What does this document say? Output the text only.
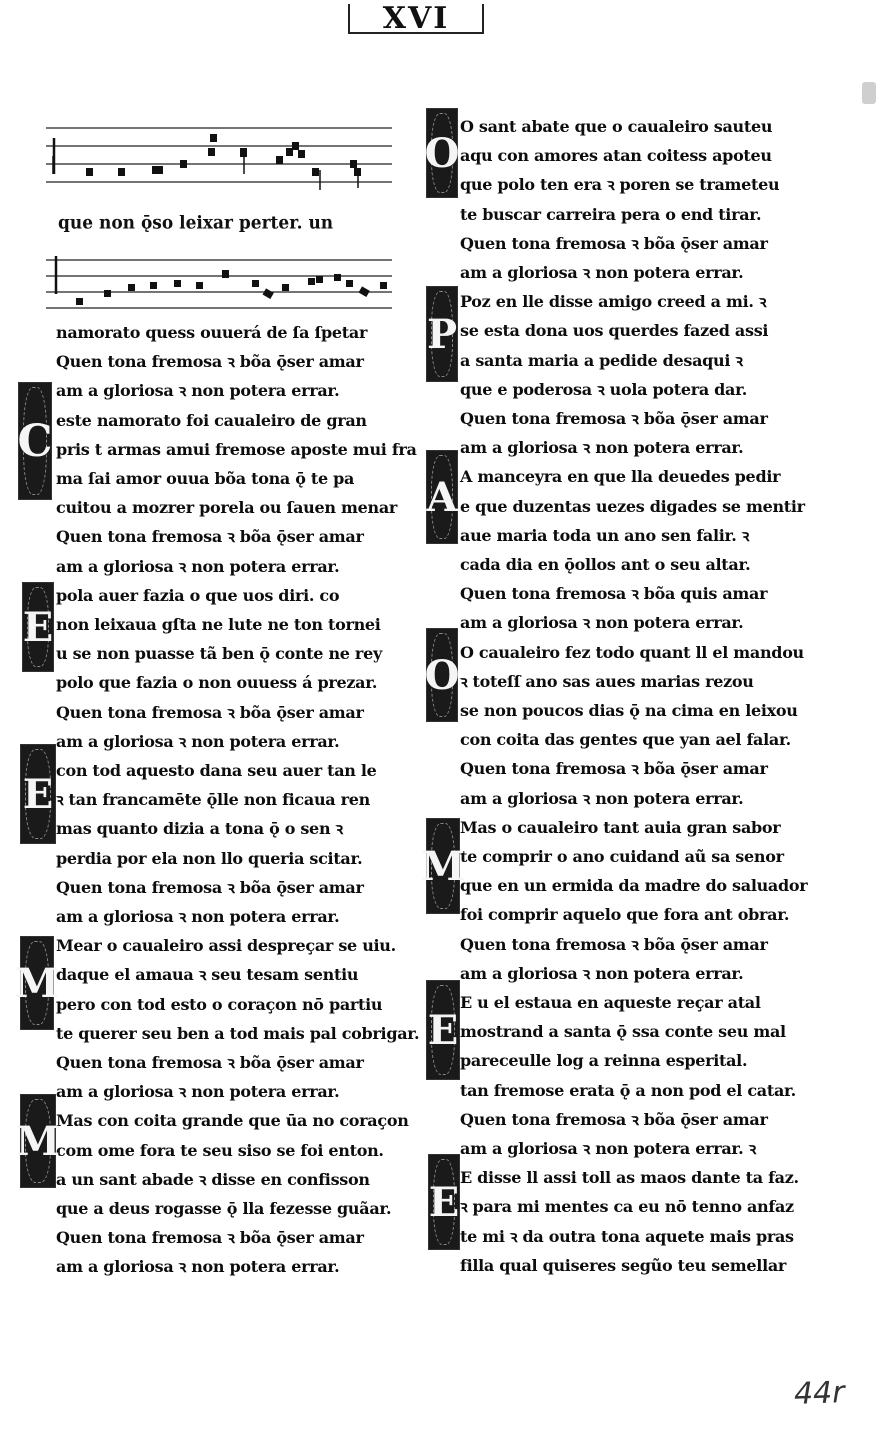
XVI
que non ǭso leixar perter. un
C
E
E
M
M
O
P
A
O
M
E
E
namorato quess ouuerá de ſa ſpetar
Quen tona fremosa ꝛ bõa ǭser amar
am a gloriosa ꝛ non potera errar.
este namorato foi caualeiro de gran
pris t armas amui fremose aposte mui fra
ma ſai amor ouua bõa tona ǭ te pa
cuitou a mozrer porela ou ſauen menar
Quen tona fremosa ꝛ bõa ǭser amar
am a gloriosa ꝛ non potera errar.
pola auer fazia o que uos diri. co
non leixaua gſta ne lute ne ton tornei
u se non puasse tã ben ǭ conte ne rey
polo que fazia o non ouuess á prezar.
Quen tona fremosa ꝛ bõa ǭser amar
am a gloriosa ꝛ non potera errar.
con tod aquesto dana seu auer tan le
ꝛ tan francamēte ǭlle non ficaua ren
mas quanto dizia a tona ǭ o sen ꝛ
perdia por ela non llo queria scitar.
Quen tona fremosa ꝛ bõa ǭser amar
am a gloriosa ꝛ non potera errar.
Mear o caualeiro assi despreçar se uiu.
daque el amaua ꝛ seu tesam sentiu
pero con tod esto o coraçon nō partiu
te querer seu ben a tod mais pal cobrigar.
Quen tona fremosa ꝛ bõa ǭser amar
am a gloriosa ꝛ non potera errar.
Mas con coita grande que ūa no coraçon
com ome fora te seu siso se foi enton.
a un sant abade ꝛ disse en confisson
que a deus rogasse ǭ lla fezesse guãar.
Quen tona fremosa ꝛ bõa ǭser amar
am a gloriosa ꝛ non potera errar.
O sant abate que o caualeiro sauteu
aqu con amores atan coitess apoteu
que polo ten era ꝛ poren se trameteu
te buscar carreira pera o end tirar.
Quen tona fremosa ꝛ bõa ǭser amar
am a gloriosa ꝛ non potera errar.
Poz en lle disse amigo creed a mi. ꝛ
se esta dona uos querdes fazed assi
a santa maria a pedide desaqui ꝛ
que e poderosa ꝛ uola potera dar.
Quen tona fremosa ꝛ bõa ǭser amar
am a gloriosa ꝛ non potera errar.
A manceyra en que lla deuedes pedir
e que duzentas uezes digades se mentir
aue maria toda un ano sen falir. ꝛ
cada dia en ǭollos ant o seu altar.
Quen tona fremosa ꝛ bõa quis amar
am a gloriosa ꝛ non potera errar.
O caualeiro fez todo quant ll el mandou
ꝛ toteſſ ano sas aues marias rezou
se non poucos dias ǭ na cima en leixou
con coita das gentes que yan ael falar.
Quen tona fremosa ꝛ bõa ǭser amar
am a gloriosa ꝛ non potera errar.
Mas o caualeiro tant auia gran sabor
te comprir o ano cuidand aũ sa senor
que en un ermida da madre do saluador
foi comprir aquelo que fora ant obrar.
Quen tona fremosa ꝛ bõa ǭser amar
am a gloriosa ꝛ non potera errar.
E u el estaua en aqueste reçar atal
mostrand a santa ǭ ssa conte seu mal
pareceulle log a reinna esperital.
tan fremose erata ǭ a non pod el catar.
Quen tona fremosa ꝛ bõa ǭser amar
am a gloriosa ꝛ non potera errar. ꝛ
E disse ll assi toll as maos dante ta faz.
ꝛ para mi mentes ca eu nō tenno anfaz
te mi ꝛ da outra tona aquete mais pras
filla qual quiseres segũo teu semellar
44r
